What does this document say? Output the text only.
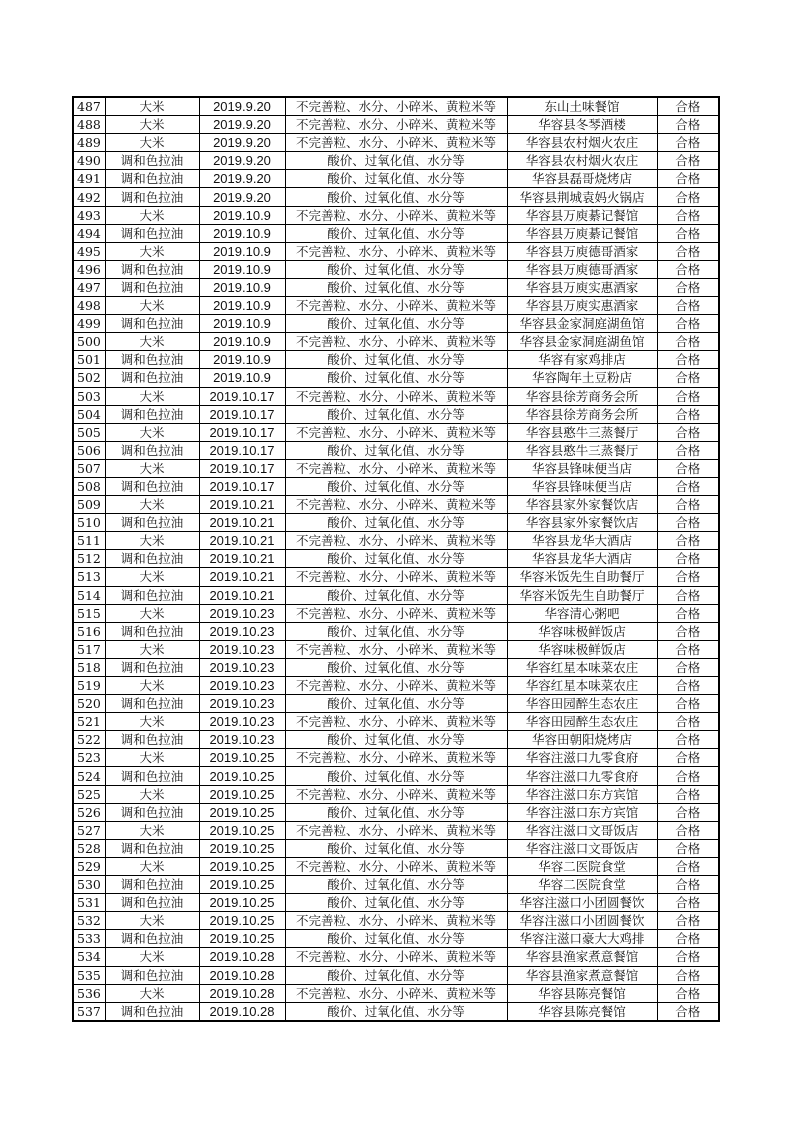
487	大米	2019.9.20	不完善粒、水分、小碎米、黄粒米等	东山土味餐馆	合格
488	大米	2019.9.20	不完善粒、水分、小碎米、黄粒米等	华容县冬琴酒楼	合格
489	大米	2019.9.20	不完善粒、水分、小碎米、黄粒米等	华容县农村烟火农庄	合格
490	调和色拉油	2019.9.20	酸价、过氧化值、水分等	华容县农村烟火农庄	合格
491	调和色拉油	2019.9.20	酸价、过氧化值、水分等	华容县磊哥烧烤店	合格
492	调和色拉油	2019.9.20	酸价、过氧化值、水分等	华容县荆城袁妈火锅店	合格
493	大米	2019.10.9	不完善粒、水分、小碎米、黄粒米等	华容县万庾綦记餐馆	合格
494	调和色拉油	2019.10.9	酸价、过氧化值、水分等	华容县万庾綦记餐馆	合格
495	大米	2019.10.9	不完善粒、水分、小碎米、黄粒米等	华容县万庾德哥酒家	合格
496	调和色拉油	2019.10.9	酸价、过氧化值、水分等	华容县万庾德哥酒家	合格
497	调和色拉油	2019.10.9	酸价、过氧化值、水分等	华容县万庾实惠酒家	合格
498	大米	2019.10.9	不完善粒、水分、小碎米、黄粒米等	华容县万庾实惠酒家	合格
499	调和色拉油	2019.10.9	酸价、过氧化值、水分等	华容县金家洞庭湖鱼馆	合格
500	大米	2019.10.9	不完善粒、水分、小碎米、黄粒米等	华容县金家洞庭湖鱼馆	合格
501	调和色拉油	2019.10.9	酸价、过氧化值、水分等	华容有家鸡排店	合格
502	调和色拉油	2019.10.9	酸价、过氧化值、水分等	华容陶年土豆粉店	合格
503	大米	2019.10.17	不完善粒、水分、小碎米、黄粒米等	华容县徐芳商务会所	合格
504	调和色拉油	2019.10.17	酸价、过氧化值、水分等	华容县徐芳商务会所	合格
505	大米	2019.10.17	不完善粒、水分、小碎米、黄粒米等	华容县憨牛三蒸餐厅	合格
506	调和色拉油	2019.10.17	酸价、过氧化值、水分等	华容县憨牛三蒸餐厅	合格
507	大米	2019.10.17	不完善粒、水分、小碎米、黄粒米等	华容县锋味便当店	合格
508	调和色拉油	2019.10.17	酸价、过氧化值、水分等	华容县锋味便当店	合格
509	大米	2019.10.21	不完善粒、水分、小碎米、黄粒米等	华容县家外家餐饮店	合格
510	调和色拉油	2019.10.21	酸价、过氧化值、水分等	华容县家外家餐饮店	合格
511	大米	2019.10.21	不完善粒、水分、小碎米、黄粒米等	华容县龙华大酒店	合格
512	调和色拉油	2019.10.21	酸价、过氧化值、水分等	华容县龙华大酒店	合格
513	大米	2019.10.21	不完善粒、水分、小碎米、黄粒米等	华容米饭先生自助餐厅	合格
514	调和色拉油	2019.10.21	酸价、过氧化值、水分等	华容米饭先生自助餐厅	合格
515	大米	2019.10.23	不完善粒、水分、小碎米、黄粒米等	华容清心粥吧	合格
516	调和色拉油	2019.10.23	酸价、过氧化值、水分等	华容味极鲜饭店	合格
517	大米	2019.10.23	不完善粒、水分、小碎米、黄粒米等	华容味极鲜饭店	合格
518	调和色拉油	2019.10.23	酸价、过氧化值、水分等	华容红星本味菜农庄	合格
519	大米	2019.10.23	不完善粒、水分、小碎米、黄粒米等	华容红星本味菜农庄	合格
520	调和色拉油	2019.10.23	酸价、过氧化值、水分等	华容田园醉生态农庄	合格
521	大米	2019.10.23	不完善粒、水分、小碎米、黄粒米等	华容田园醉生态农庄	合格
522	调和色拉油	2019.10.23	酸价、过氧化值、水分等	华容田朝阳烧烤店	合格
523	大米	2019.10.25	不完善粒、水分、小碎米、黄粒米等	华容注滋口九零食府	合格
524	调和色拉油	2019.10.25	酸价、过氧化值、水分等	华容注滋口九零食府	合格
525	大米	2019.10.25	不完善粒、水分、小碎米、黄粒米等	华容注滋口东方宾馆	合格
526	调和色拉油	2019.10.25	酸价、过氧化值、水分等	华容注滋口东方宾馆	合格
527	大米	2019.10.25	不完善粒、水分、小碎米、黄粒米等	华容注滋口文哥饭店	合格
528	调和色拉油	2019.10.25	酸价、过氧化值、水分等	华容注滋口文哥饭店	合格
529	大米	2019.10.25	不完善粒、水分、小碎米、黄粒米等	华容二医院食堂	合格
530	调和色拉油	2019.10.25	酸价、过氧化值、水分等	华容二医院食堂	合格
531	调和色拉油	2019.10.25	酸价、过氧化值、水分等	华容注滋口小团圆餐饮	合格
532	大米	2019.10.25	不完善粒、水分、小碎米、黄粒米等	华容注滋口小团圆餐饮	合格
533	调和色拉油	2019.10.25	酸价、过氧化值、水分等	华容注滋口豪大大鸡排	合格
534	大米	2019.10.28	不完善粒、水分、小碎米、黄粒米等	华容县渔家煮意餐馆	合格
535	调和色拉油	2019.10.28	酸价、过氧化值、水分等	华容县渔家煮意餐馆	合格
536	大米	2019.10.28	不完善粒、水分、小碎米、黄粒米等	华容县陈亮餐馆	合格
537	调和色拉油	2019.10.28	酸价、过氧化值、水分等	华容县陈亮餐馆	合格
